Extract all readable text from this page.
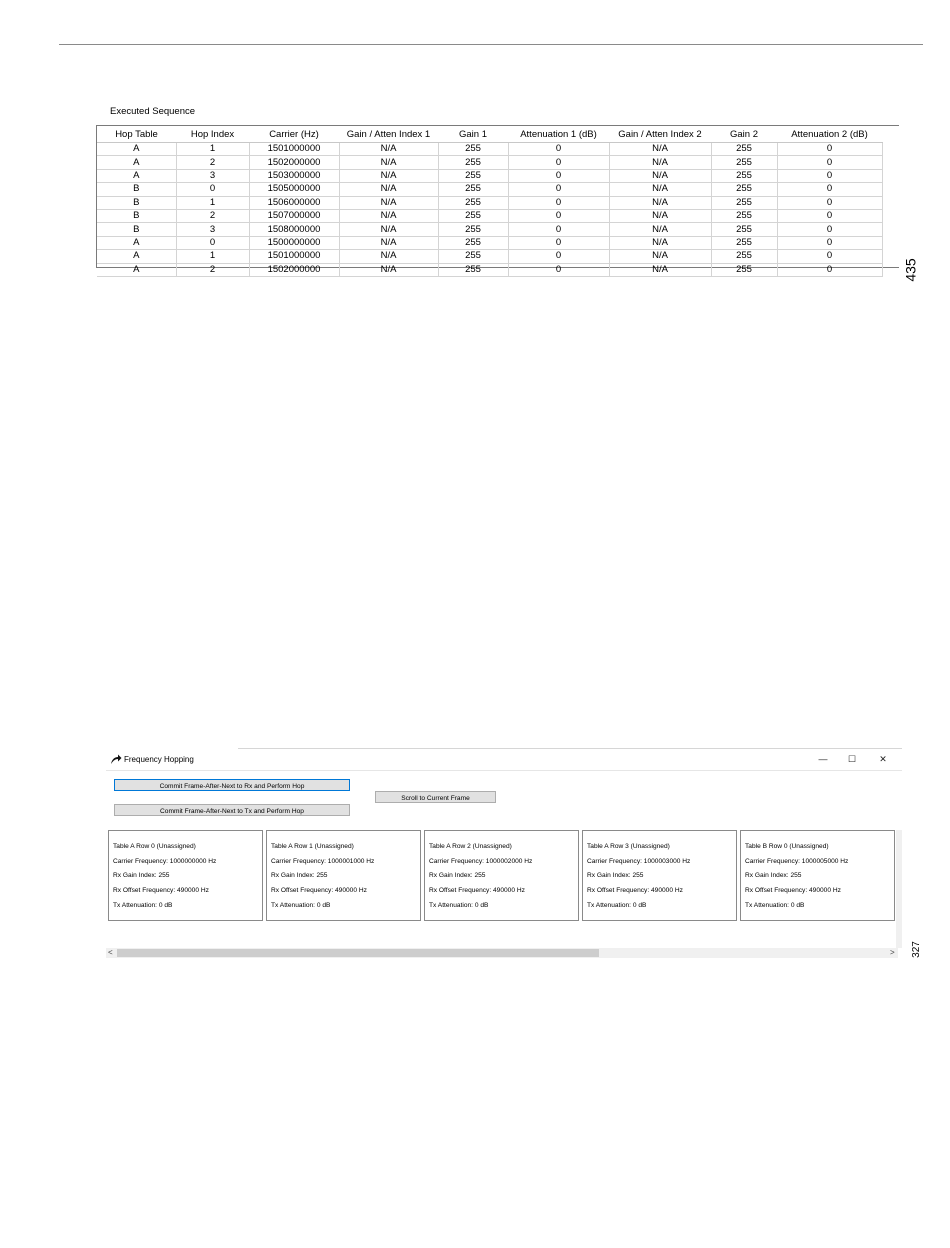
Executed Sequence
Hop Table	Hop Index	Carrier (Hz)	Gain / Atten Index 1	Gain 1	Attenuation 1 (dB)	Gain / Atten Index 2	Gain 2	Attenuation 2 (dB)
A	1	1501000000	N/A	255	0	N/A	255	0
A	2	1502000000	N/A	255	0	N/A	255	0
A	3	1503000000	N/A	255	0	N/A	255	0
B	0	1505000000	N/A	255	0	N/A	255	0
B	1	1506000000	N/A	255	0	N/A	255	0
B	2	1507000000	N/A	255	0	N/A	255	0
B	3	1508000000	N/A	255	0	N/A	255	0
A	0	1500000000	N/A	255	0	N/A	255	0
A	1	1501000000	N/A	255	0	N/A	255	0
A	2	1502000000	N/A	255	0	N/A	255	0	435
Frequency Hopping	—	☐	✕
Commit Frame-After-Next to Rx and Perform Hop
Commit Frame-After-Next to Tx and Perform Hop
Scroll to Current Frame
Table A Row 0 (Unassigned)
Carrier Frequency: 1000000000 Hz
Rx Gain Index: 255
Rx Offset Frequency: 490000 Hz
Tx Attenuation: 0 dB
Table A Row 1 (Unassigned)
Carrier Frequency: 1000001000 Hz
Rx Gain Index: 255
Rx Offset Frequency: 490000 Hz
Tx Attenuation: 0 dB
Table A Row 2 (Unassigned)
Carrier Frequency: 1000002000 Hz
Rx Gain Index: 255
Rx Offset Frequency: 490000 Hz
Tx Attenuation: 0 dB
Table A Row 3 (Unassigned)
Carrier Frequency: 1000003000 Hz
Rx Gain Index: 255
Rx Offset Frequency: 490000 Hz
Tx Attenuation: 0 dB
Table B Row 0 (Unassigned)
Carrier Frequency: 1000005000 Hz
Rx Gain Index: 255
Rx Offset Frequency: 490000 Hz
Tx Attenuation: 0 dB
<	> 327
